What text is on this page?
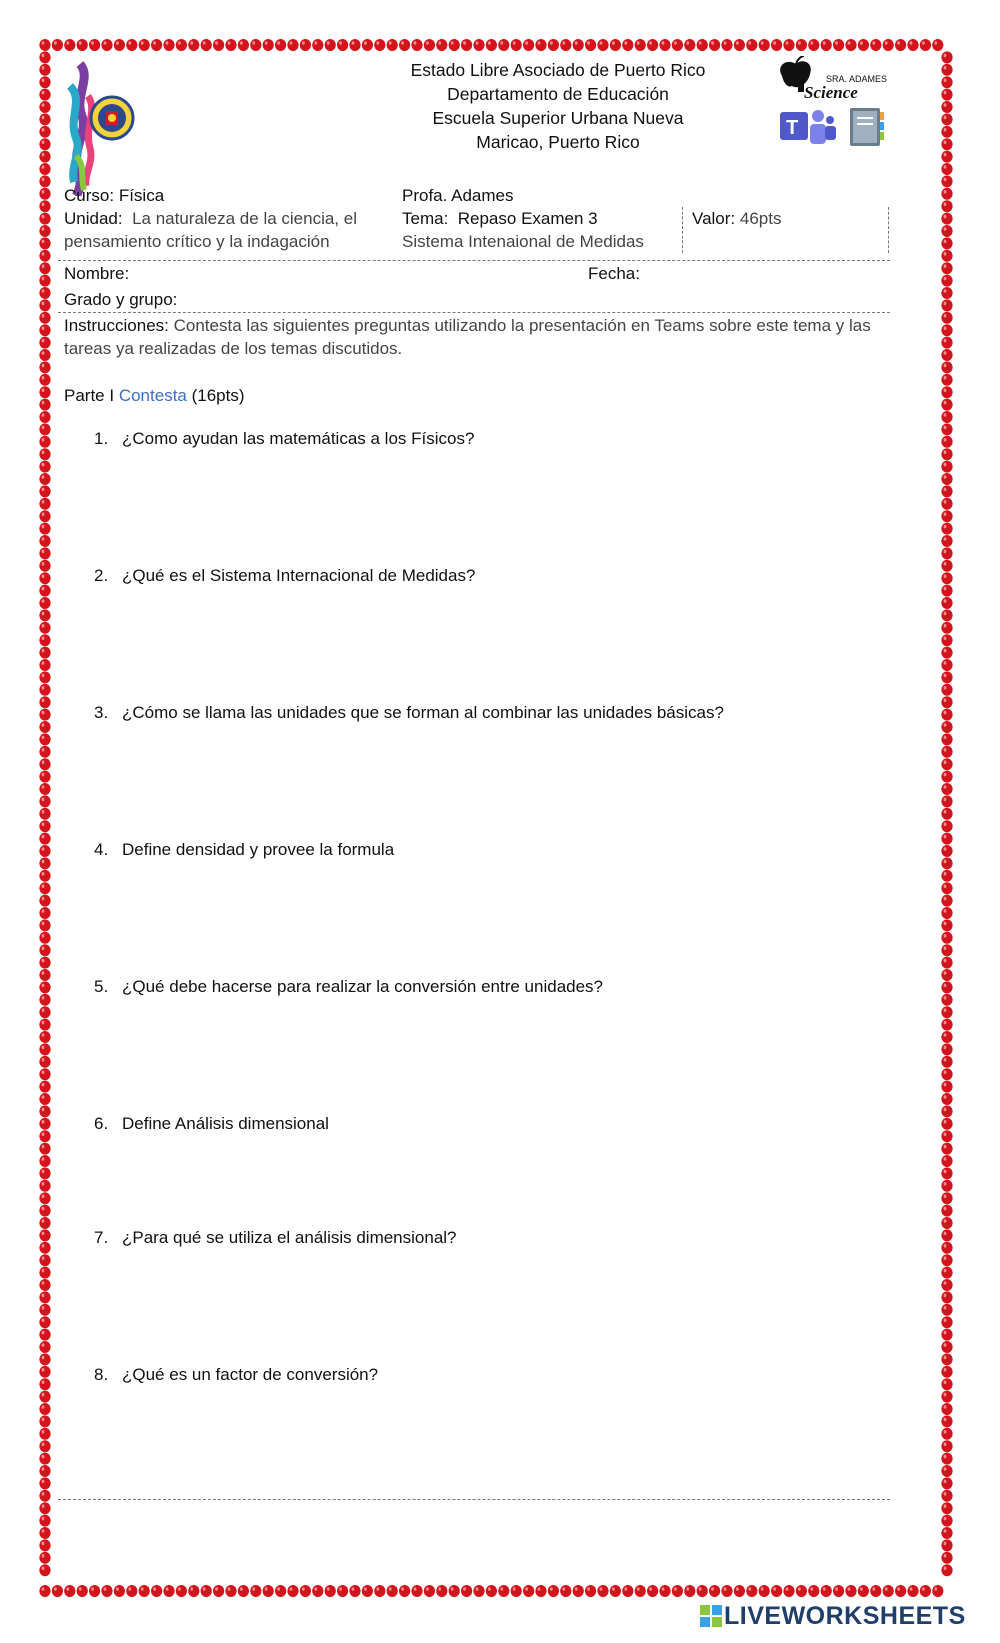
Estado Libre Asociado de Puerto Rico
Departamento de Educación
Escuela Superior Urbana Nueva
Maricao, Puerto Rico
SRA. ADAMES
Science
T
Curso: Física	Profa. Adames
Unidad: La naturaleza de la ciencia, el
pensamiento crítico y la indagación
Tema: Repaso Examen 3
Sistema Intenaional de Medidas
Valor: 46pts
Nombre:	Fecha:
Grado y grupo:
Instrucciones: Contesta las siguientes preguntas utilizando la presentación en Teams sobre este tema y las
tareas ya realizadas de los temas discutidos.
Parte I Contesta (16pts)
1. ¿Como ayudan las matemáticas a los Físicos?
2. ¿Qué es el Sistema Internacional de Medidas?
3. ¿Cómo se llama las unidades que se forman al combinar las unidades básicas?
4. Define densidad y provee la formula
5. ¿Qué debe hacerse para realizar la conversión entre unidades?
6. Define Análisis dimensional
7. ¿Para qué se utiliza el análisis dimensional?
8. ¿Qué es un factor de conversión?
LIVEWORKSHEETS
